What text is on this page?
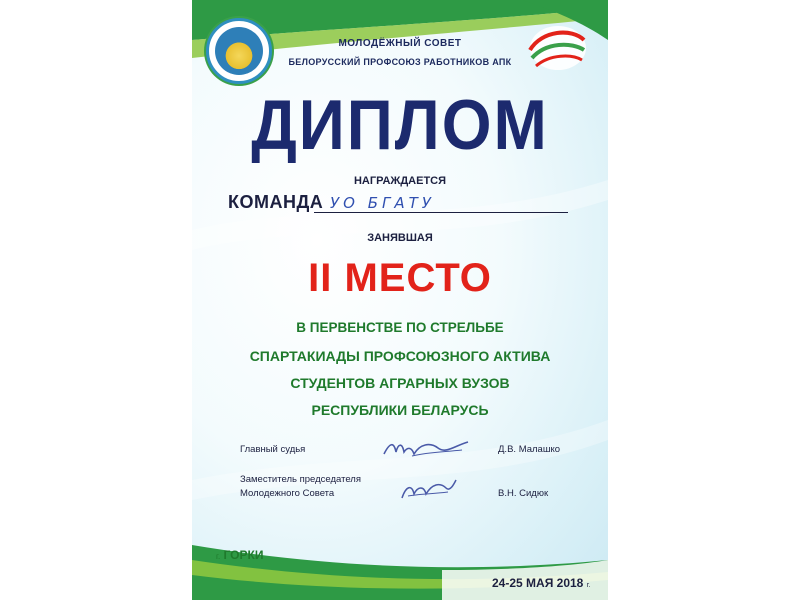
МОЛОДЁЖНЫЙ СОВЕТ
БЕЛОРУССКИЙ ПРОФСОЮЗ РАБОТНИКОВ АПК
ДИПЛОМ
НАГРАЖДАЕТСЯ
КОМАНДА УО БГАТУ
ЗАНЯВШАЯ
II МЕСТО
В ПЕРВЕНСТВЕ ПО СТРЕЛЬБЕ
СПАРТАКИАДЫ ПРОФСОЮЗНОГО АКТИВА
СТУДЕНТОВ АГРАРНЫХ ВУЗОВ
РЕСПУБЛИКИ БЕЛАРУСЬ
Главный судья	Д.В. Малашко
Заместитель председателя
Молодежного Совета	В.Н. Сидюк
г. ГОРКИ
24-25 МАЯ 2018 г.
